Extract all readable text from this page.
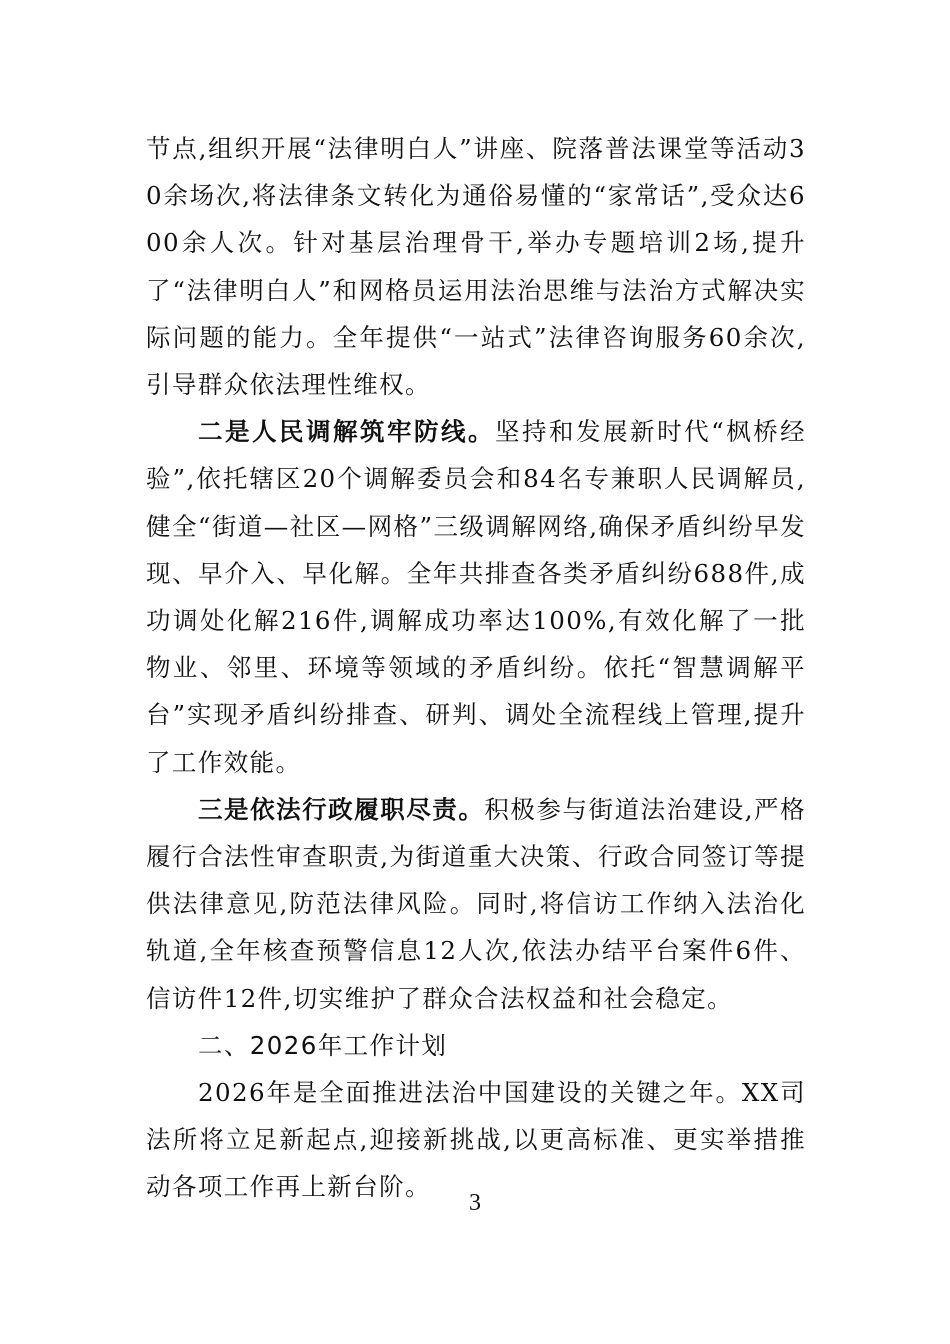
节点,组织开展“法律明白人”讲座、院落普法课堂等活动30余场次,将法律条文转化为通俗易懂的“家常话”,受众达600余人次。针对基层治理骨干,举办专题培训2场,提升了“法律明白人”和网格员运用法治思维与法治方式解决实际问题的能力。全年提供“一站式”法律咨询服务60余次,引导群众依法理性维权。

二是人民调解筑牢防线。坚持和发展新时代“枫桥经验”,依托辖区20个调解委员会和84名专兼职人民调解员,健全“街道—社区—网格”三级调解网络,确保矛盾纠纷早发现、早介入、早化解。全年共排查各类矛盾纠纷688件,成功调处化解216件,调解成功率达100%,有效化解了一批物业、邻里、环境等领域的矛盾纠纷。依托“智慧调解平台”实现矛盾纠纷排查、研判、调处全流程线上管理,提升了工作效能。

三是依法行政履职尽责。积极参与街道法治建设,严格履行合法性审查职责,为街道重大决策、行政合同签订等提供法律意见,防范法律风险。同时,将信访工作纳入法治化轨道,全年核查预警信息12人次,依法办结平台案件6件、信访件12件,切实维护了群众合法权益和社会稳定。

二、2026年工作计划

2026年是全面推进法治中国建设的关键之年。XX司法所将立足新起点,迎接新挑战,以更高标准、更实举措推动各项工作再上新台阶。

3
